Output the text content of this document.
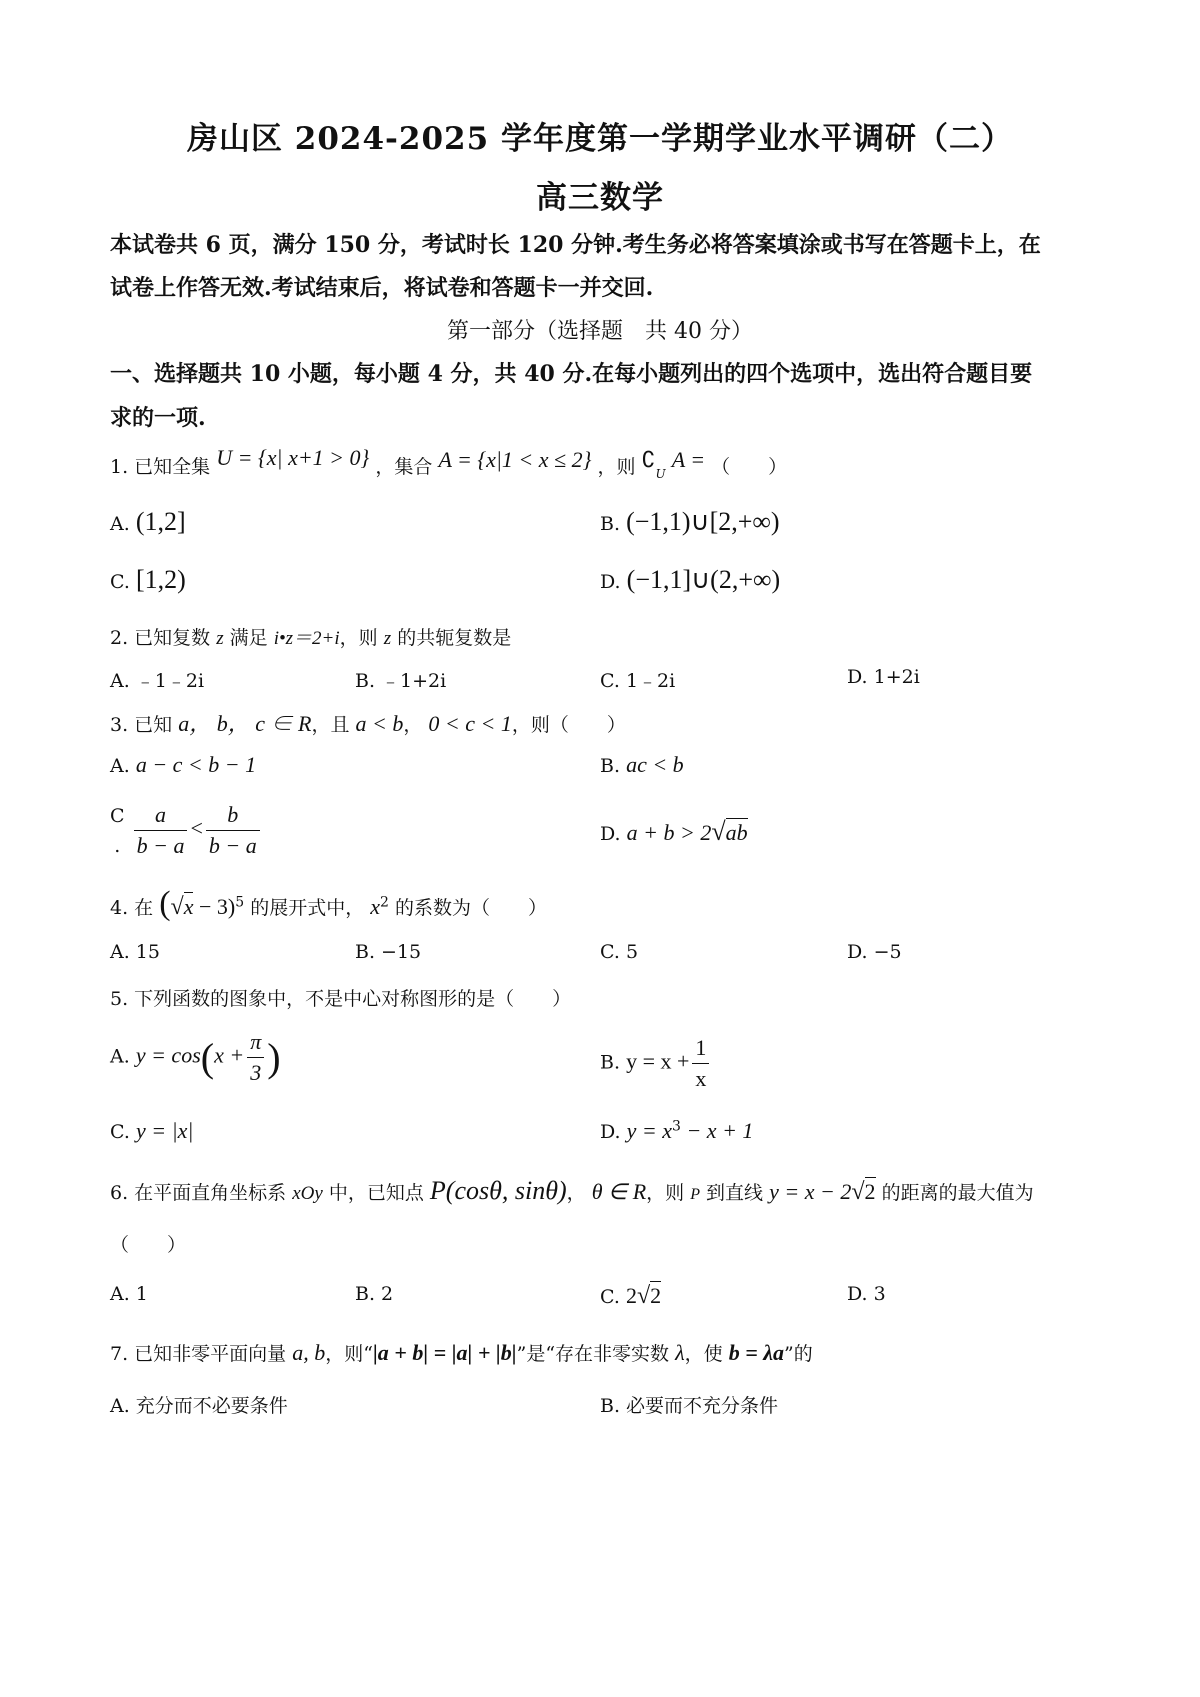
房山区 2024-2025 学年度第一学期学业水平调研（二）
高三数学
本试卷共 6 页，满分 150 分，考试时长 120 分钟.考生务必将答案填涂或书写在答题卡上，在
试卷上作答无效.考试结束后，将试卷和答题卡一并交回.
第一部分（选择题　共 40 分）
一、选择题共 10 小题，每小题 4 分，共 40 分.在每小题列出的四个选项中，选出符合题目要
求的一项.
1. 已知全集 U = {x| x+1 > 0} ，集合 A = {x|1 < x ≤ 2} ，则 $∁_U$ A = （　　）
A. (1,2]	B. (−1,1)∪[2,+∞)
C. [1,2)	D. (−1,1]∪(2,+∞)
2. 已知复数 z 满足 i•z＝2+i，则 z 的共轭复数是
A. ﹣1﹣2i	B. ﹣1+2i	C. 1﹣2i	D. 1+2i
3. 已知 a， b， c ∈ R，且 a < b， 0 < c < 1，则（　　）
A. a − c < b − 1	B. ac < b
C
.
$\frac{a}{b - a} < \frac{b}{b - a}$	D. a + b > 2√ab
4. 在 $(√x - 3)^5$ 的展开式中， $x^2$ 的系数为（　　）
A. 15	B. −15	C. 5	D. −5
5. 下列函数的图象中，不是中心对称图形的是（　　）
A. $y = \cos(x + \frac{\pi}{3}$ )	B. $y = x + \frac{1}{x}$
C. y = |x|	D. $y = x^3 - x + 1$
6. 在平面直角坐标系 xOy 中，已知点 P(cosθ, sinθ)， θ ∈ R，则 P 到直线 y = x − 2√2 的距离的最大值为
（　　）
A. 1	B. 2	C. 2√2	D. 3
7. 已知非零平面向量 a, b，则“|a + b| = |a| + |b|”是“存在非零实数 λ，使 b = λa”的
A. 充分而不必要条件	B. 必要而不充分条件
